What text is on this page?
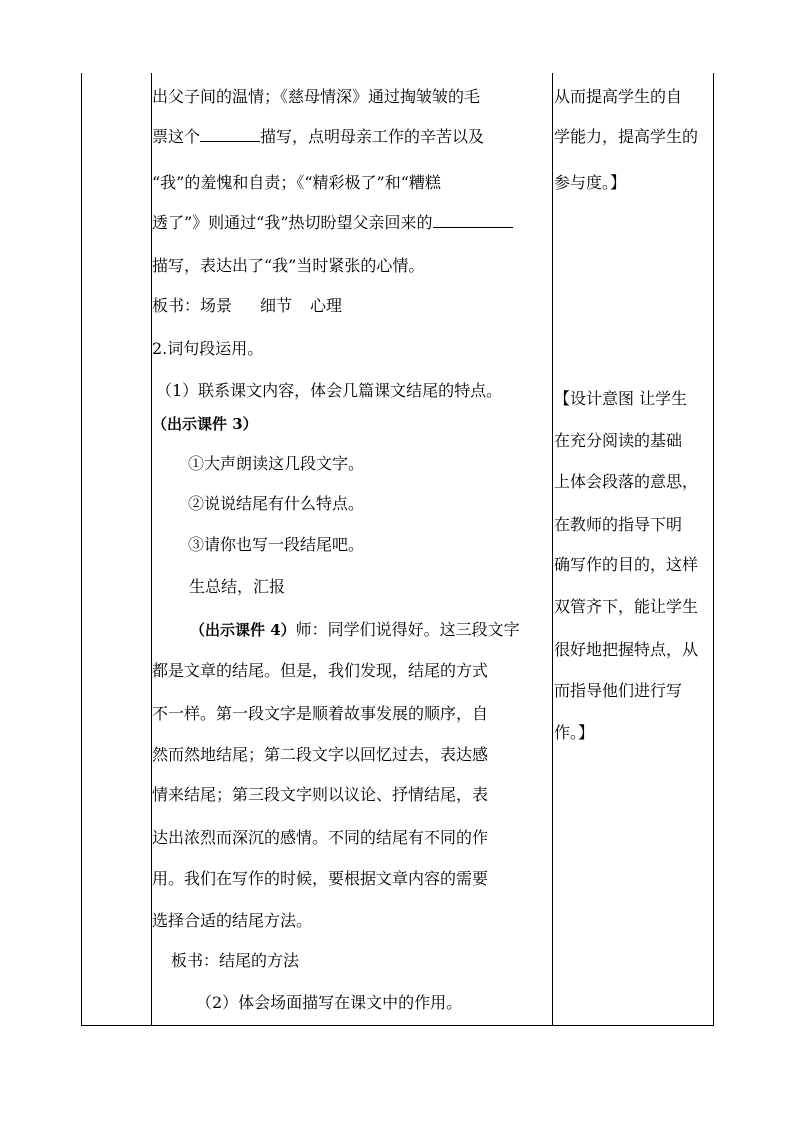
出父子间的温情；《慈母情深》通过掏皱皱的毛
票这个	描写，点明母亲工作的辛苦以及
“我”的羞愧和自责；《“精彩极了”和“糟糕
透了”》则通过“我”热切盼望父亲回来的
描写，表达出了“我”当时紧张的心情。
板书：场景 细节 心理
2.词句段运用。
（1）联系课文内容，体会几篇课文结尾的特点。
（出示课件 3）
①大声朗读这几段文字。
②说说结尾有什么特点。
③请你也写一段结尾吧。
生总结，汇报
（出示课件 4）师：同学们说得好。这三段文字
都是文章的结尾。但是，我们发现，结尾的方式
不一样。第一段文字是顺着故事发展的顺序，自
然而然地结尾；第二段文字以回忆过去，表达感
情来结尾；第三段文字则以议论、抒情结尾，表
达出浓烈而深沉的感情。不同的结尾有不同的作
用。我们在写作的时候，要根据文章内容的需要
选择合适的结尾方法。
板书：结尾的方法
（2）体会场面描写在课文中的作用。
从而提高学生的自
学能力，提高学生的
参与度。】
【设计意图 让学生
在充分阅读的基础
上体会段落的意思，
在教师的指导下明
确写作的目的，这样
双管齐下，能让学生
很好地把握特点，从
而指导他们进行写
作。】
